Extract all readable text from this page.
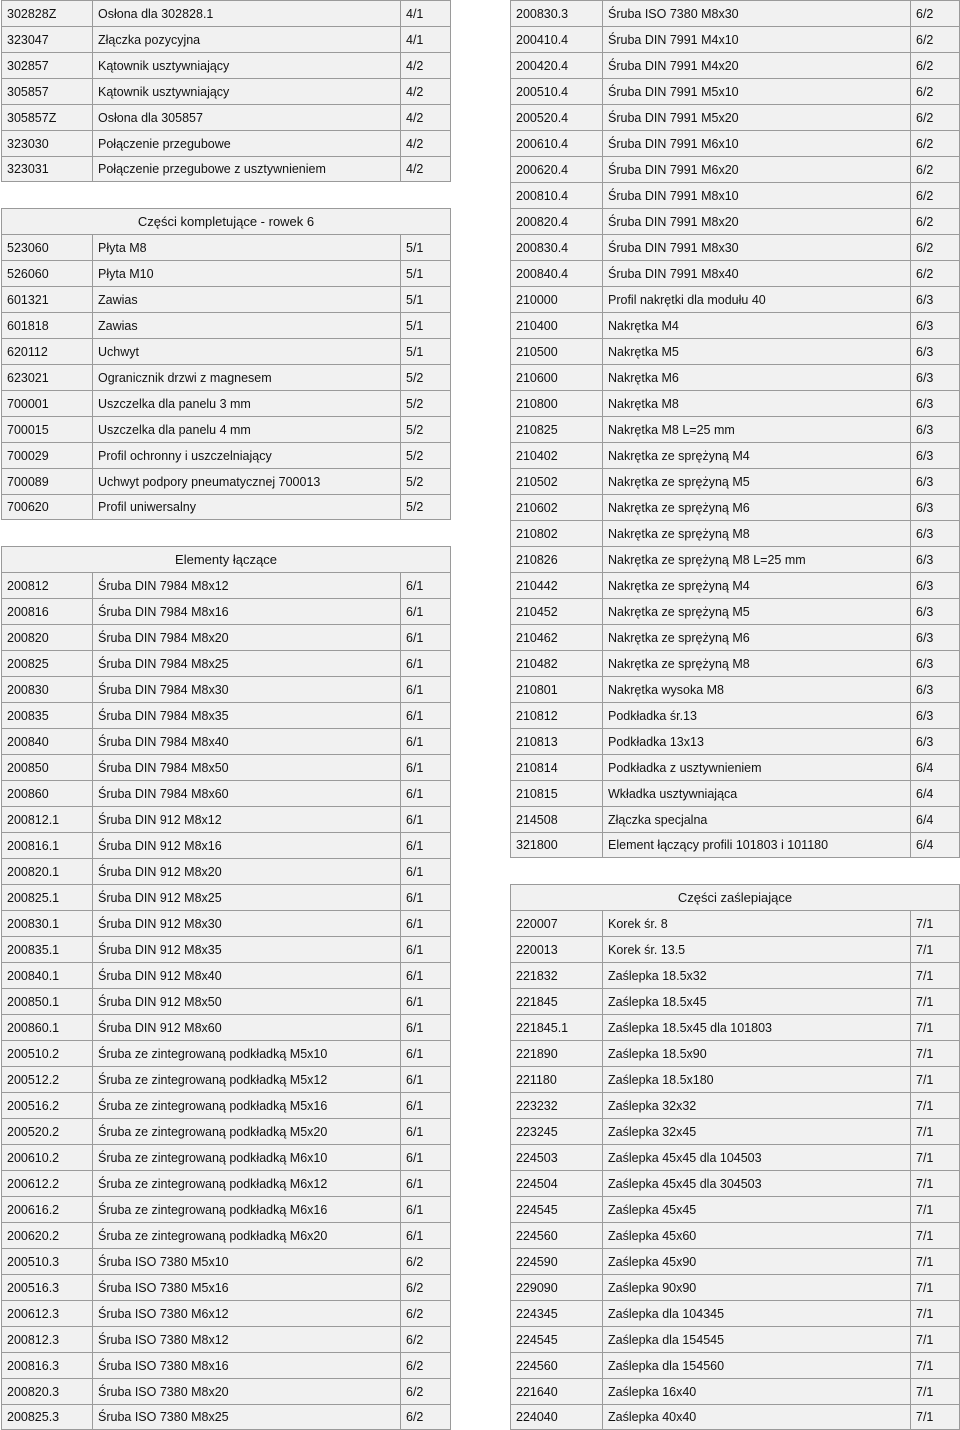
302828Z	Osłona dla 302828.1	4/1
323047	Złączka pozycyjna	4/1
302857	Kątownik usztywniający	4/2
305857	Kątownik usztywniający	4/2
305857Z	Osłona dla 305857	4/2
323030	Połączenie przegubowe	4/2
323031	Połączenie przegubowe z usztywnieniem	4/2
Części kompletujące - rowek 6
523060	Płyta M8	5/1
526060	Płyta M10	5/1
601321	Zawias	5/1
601818	Zawias	5/1
620112	Uchwyt	5/1
623021	Ogranicznik drzwi z magnesem	5/2
700001	Uszczelka dla panelu 3 mm	5/2
700015	Uszczelka dla panelu 4 mm	5/2
700029	Profil ochronny i uszczelniający	5/2
700089	Uchwyt podpory pneumatycznej 700013	5/2
700620	Profil uniwersalny	5/2
Elementy łączące
200812	Śruba DIN 7984 M8x12	6/1
200816	Śruba DIN 7984 M8x16	6/1
200820	Śruba DIN 7984 M8x20	6/1
200825	Śruba DIN 7984 M8x25	6/1
200830	Śruba DIN 7984 M8x30	6/1
200835	Śruba DIN 7984 M8x35	6/1
200840	Śruba DIN 7984 M8x40	6/1
200850	Śruba DIN 7984 M8x50	6/1
200860	Śruba DIN 7984 M8x60	6/1
200812.1	Śruba DIN 912 M8x12	6/1
200816.1	Śruba DIN 912 M8x16	6/1
200820.1	Śruba DIN 912 M8x20	6/1
200825.1	Śruba DIN 912 M8x25	6/1
200830.1	Śruba DIN 912 M8x30	6/1
200835.1	Śruba DIN 912 M8x35	6/1
200840.1	Śruba DIN 912 M8x40	6/1
200850.1	Śruba DIN 912 M8x50	6/1
200860.1	Śruba DIN 912 M8x60	6/1
200510.2	Śruba ze zintegrowaną podkładką M5x10	6/1
200512.2	Śruba ze zintegrowaną podkładką M5x12	6/1
200516.2	Śruba ze zintegrowaną podkładką M5x16	6/1
200520.2	Śruba ze zintegrowaną podkładką M5x20	6/1
200610.2	Śruba ze zintegrowaną podkładką M6x10	6/1
200612.2	Śruba ze zintegrowaną podkładką M6x12	6/1
200616.2	Śruba ze zintegrowaną podkładką M6x16	6/1
200620.2	Śruba ze zintegrowaną podkładką M6x20	6/1
200510.3	Śruba ISO 7380 M5x10	6/2
200516.3	Śruba ISO 7380 M5x16	6/2
200612.3	Śruba ISO 7380 M6x12	6/2
200812.3	Śruba ISO 7380 M8x12	6/2
200816.3	Śruba ISO 7380 M8x16	6/2
200820.3	Śruba ISO 7380 M8x20	6/2
200825.3	Śruba ISO 7380 M8x25	6/2
200830.3	Śruba ISO 7380 M8x30	6/2
200410.4	Śruba DIN 7991 M4x10	6/2
200420.4	Śruba DIN 7991 M4x20	6/2
200510.4	Śruba DIN 7991 M5x10	6/2
200520.4	Śruba DIN 7991 M5x20	6/2
200610.4	Śruba DIN 7991 M6x10	6/2
200620.4	Śruba DIN 7991 M6x20	6/2
200810.4	Śruba DIN 7991 M8x10	6/2
200820.4	Śruba DIN 7991 M8x20	6/2
200830.4	Śruba DIN 7991 M8x30	6/2
200840.4	Śruba DIN 7991 M8x40	6/2
210000	Profil nakrętki dla modułu 40	6/3
210400	Nakrętka M4	6/3
210500	Nakrętka M5	6/3
210600	Nakrętka M6	6/3
210800	Nakrętka M8	6/3
210825	Nakrętka M8 L=25 mm	6/3
210402	Nakrętka ze sprężyną M4	6/3
210502	Nakrętka ze sprężyną M5	6/3
210602	Nakrętka ze sprężyną M6	6/3
210802	Nakrętka ze sprężyną M8	6/3
210826	Nakrętka ze sprężyną M8 L=25 mm	6/3
210442	Nakrętka ze sprężyną M4	6/3
210452	Nakrętka ze sprężyną M5	6/3
210462	Nakrętka ze sprężyną M6	6/3
210482	Nakrętka ze sprężyną M8	6/3
210801	Nakrętka wysoka M8	6/3
210812	Podkładka śr.13	6/3
210813	Podkładka 13x13	6/3
210814	Podkładka z usztywnieniem	6/4
210815	Wkładka usztywniająca	6/4
214508	Złączka specjalna	6/4
321800	Element łączący profili 101803 i 101180	6/4
Części zaślepiające
220007	Korek śr. 8	7/1
220013	Korek śr. 13.5	7/1
221832	Zaślepka 18.5x32	7/1
221845	Zaślepka 18.5x45	7/1
221845.1	Zaślepka 18.5x45 dla 101803	7/1
221890	Zaślepka 18.5x90	7/1
221180	Zaślepka 18.5x180	7/1
223232	Zaślepka 32x32	7/1
223245	Zaślepka 32x45	7/1
224503	Zaślepka 45x45 dla 104503	7/1
224504	Zaślepka 45x45 dla 304503	7/1
224545	Zaślepka 45x45	7/1
224560	Zaślepka 45x60	7/1
224590	Zaślepka 45x90	7/1
229090	Zaślepka 90x90	7/1
224345	Zaślepka dla 104345	7/1
224545	Zaślepka dla 154545	7/1
224560	Zaślepka dla 154560	7/1
221640	Zaślepka 16x40	7/1
224040	Zaślepka 40x40	7/1
